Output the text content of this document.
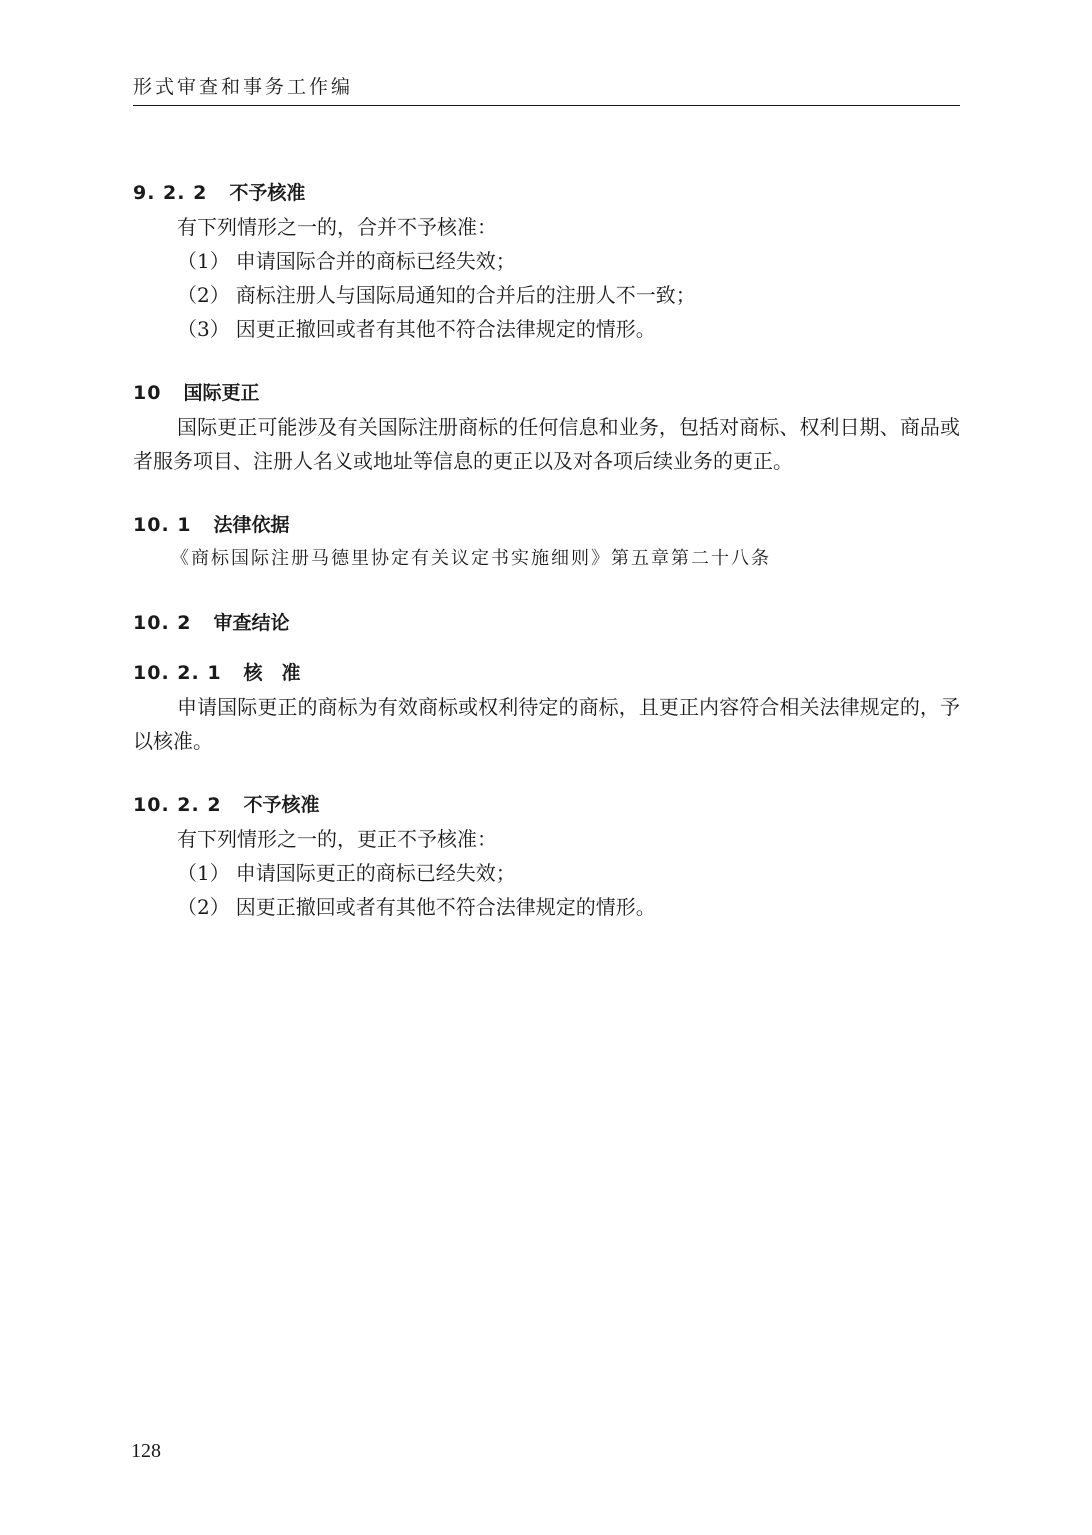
形式审查和事务工作编
9. 2. 2 不予核准

有下列情形之一的，合并不予核准：

（1） 申请国际合并的商标已经失效；

（2） 商标注册人与国际局通知的合并后的注册人不一致；

（3） 因更正撤回或者有其他不符合法律规定的情形。

10 国际更正

国际更正可能涉及有关国际注册商标的任何信息和业务，包括对商标、权利日期、商品或者服务项目、注册人名义或地址等信息的更正以及对各项后续业务的更正。

10. 1 法律依据

《商标国际注册马德里协定有关议定书实施细则》第五章第二十八条

10. 2 审查结论
10. 2. 1 核　准

申请国际更正的商标为有效商标或权利待定的商标，且更正内容符合相关法律规定的，予以核准。

10. 2. 2 不予核准

有下列情形之一的，更正不予核准：

（1） 申请国际更正的商标已经失效；

（2） 因更正撤回或者有其他不符合法律规定的情形。

128
